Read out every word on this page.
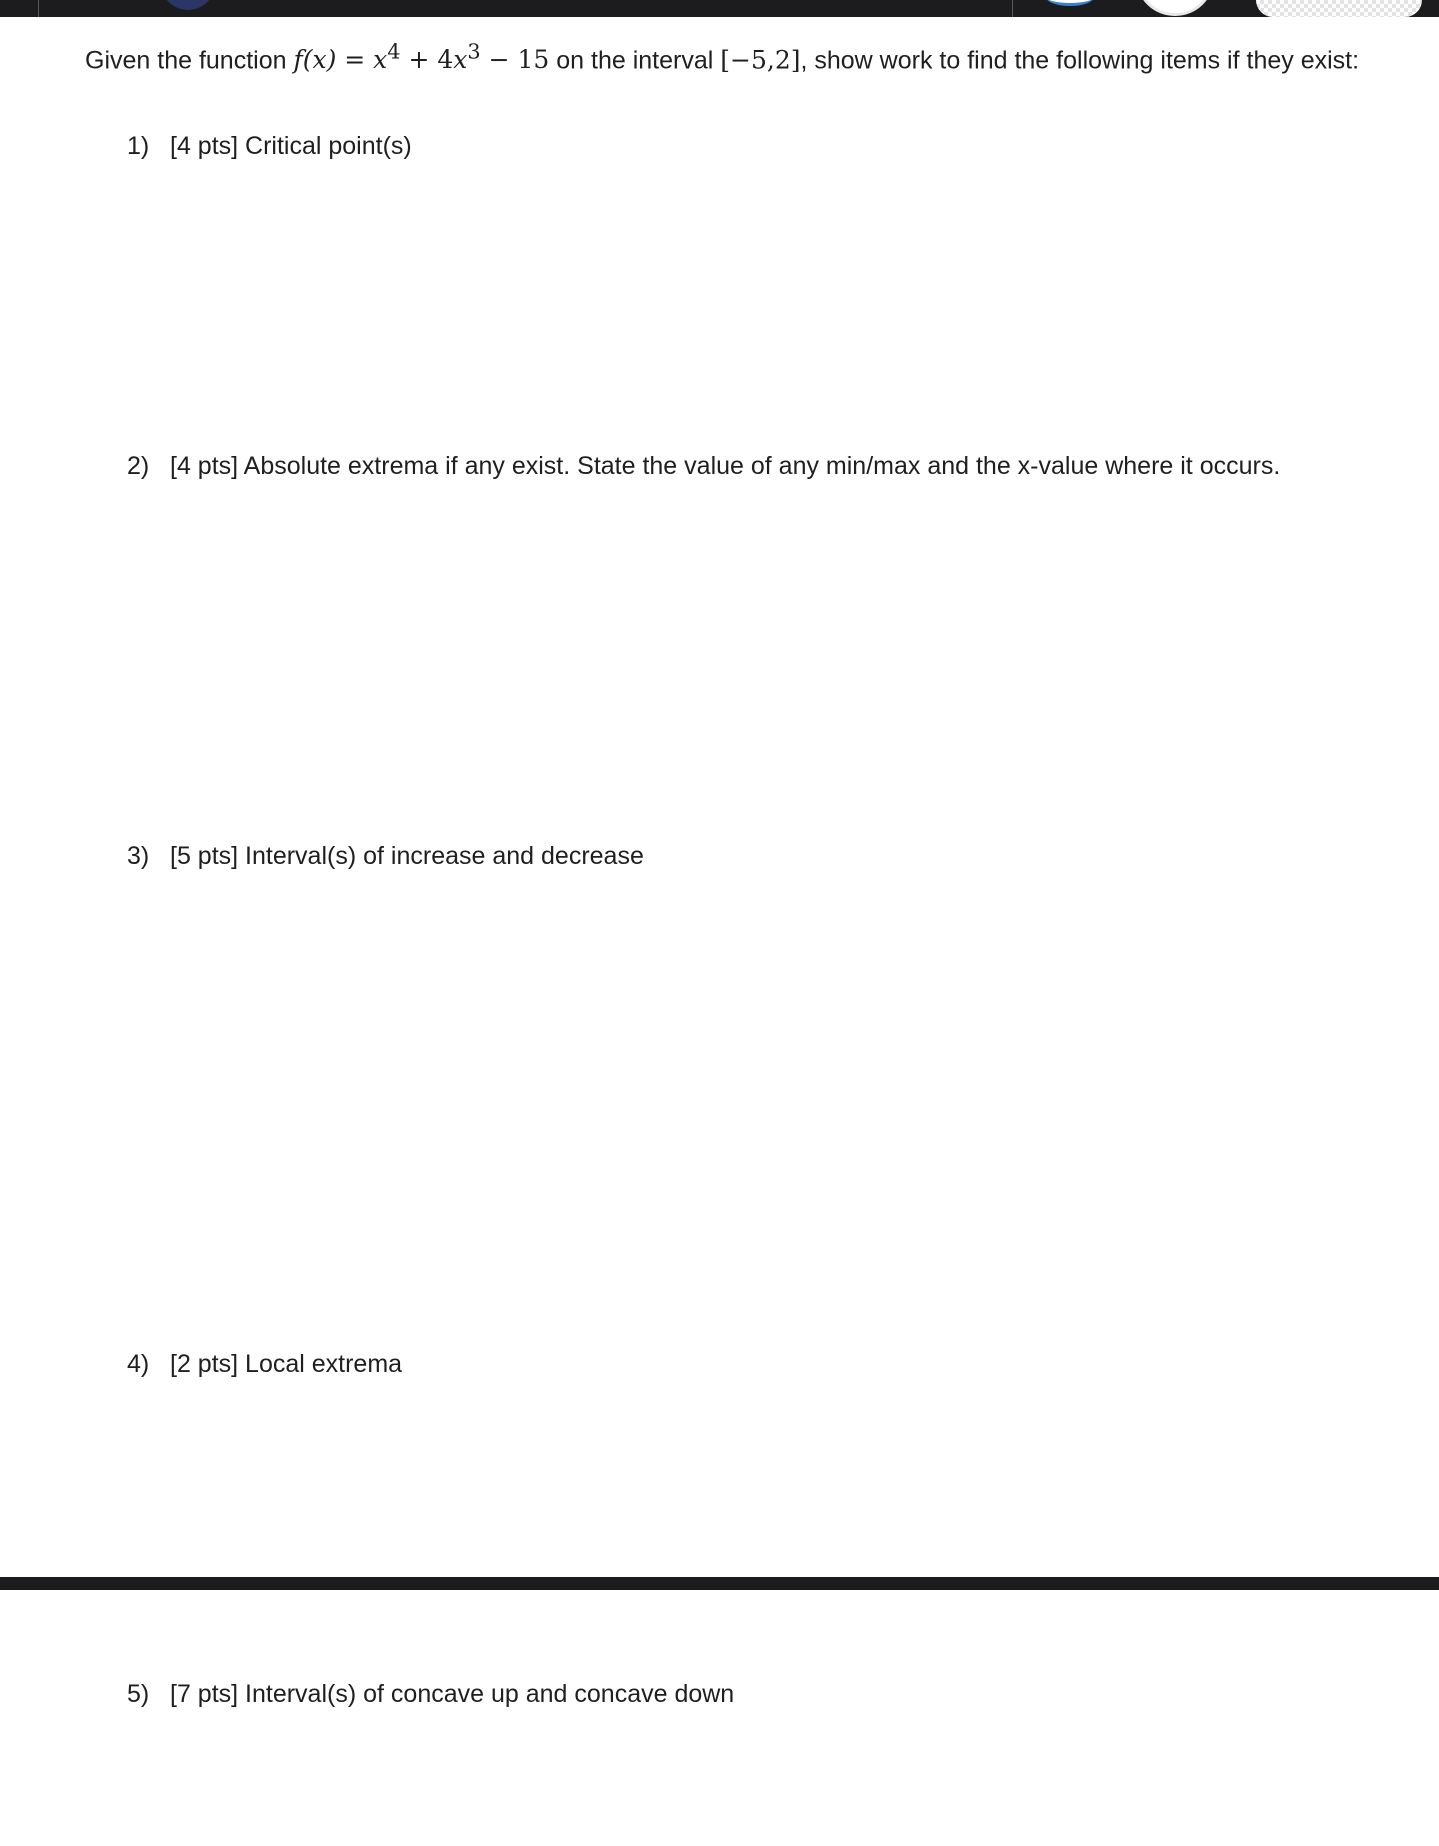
Given the function $f(x) = x^4 + 4x^3 - 15$ on the interval [−5,2], show work to find the following items if they exist:
1) [4 pts] Critical point(s)
2) [4 pts] Absolute extrema if any exist. State the value of any min/max and the x-value where it occurs.
3) [5 pts] Interval(s) of increase and decrease
4) [2 pts] Local extrema
5) [7 pts] Interval(s) of concave up and concave down
